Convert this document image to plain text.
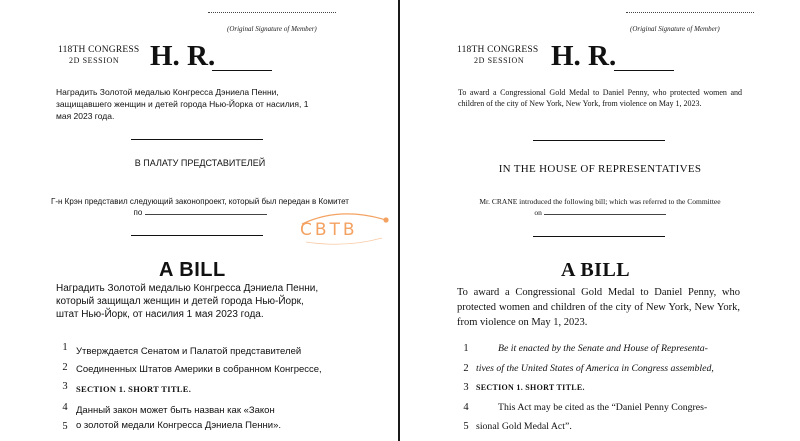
(Original Signature of Member)
118TH CONGRESS
2D SESSION H. R.
Наградить Золотой медалью Конгресса Дэниела Пенни, защищавшего женщин и детей города Нью-Йорка от насилия, 1 мая 2023 года.
В ПАЛАТУ ПРЕДСТАВИТЕЛЕЙ
Г-н Крэн представил следующий законопроект, который был передан в Комитет
по
A BILL
Наградить Золотой медалью Конгресса Дэниела Пенни, который защищал женщин и детей города Нью-Йорк, штат Нью-Йорк, от насилия 1 мая 2023 года.
1 Утверждается Сенатом и Палатой представителей
2 Соединенных Штатов Америки в собранном Конгрессе,
3 SECTION 1. SHORT TITLE.
4 Данный закон может быть назван как «Закон
5 о золотой медали Конгресса Дэниела Пенни».
СВТВ
(Original Signature of Member)
118TH CONGRESS
2D SESSION H. R.
To award a Congressional Gold Medal to Daniel Penny, who protected women and children of the city of New York, New York, from violence on May 1, 2023.
IN THE HOUSE OF REPRESENTATIVES
Mr. CRANE introduced the following bill; which was referred to the Committee
on
A BILL
To award a Congressional Gold Medal to Daniel Penny, who protected women and children of the city of New York, New York, from violence on May 1, 2023.
1	Be it enacted by the Senate and House of Representa-
2 tives of the United States of America in Congress assembled,
3 SECTION 1. SHORT TITLE.
4	This Act may be cited as the “Daniel Penny Congres-
5 sional Gold Medal Act”.
